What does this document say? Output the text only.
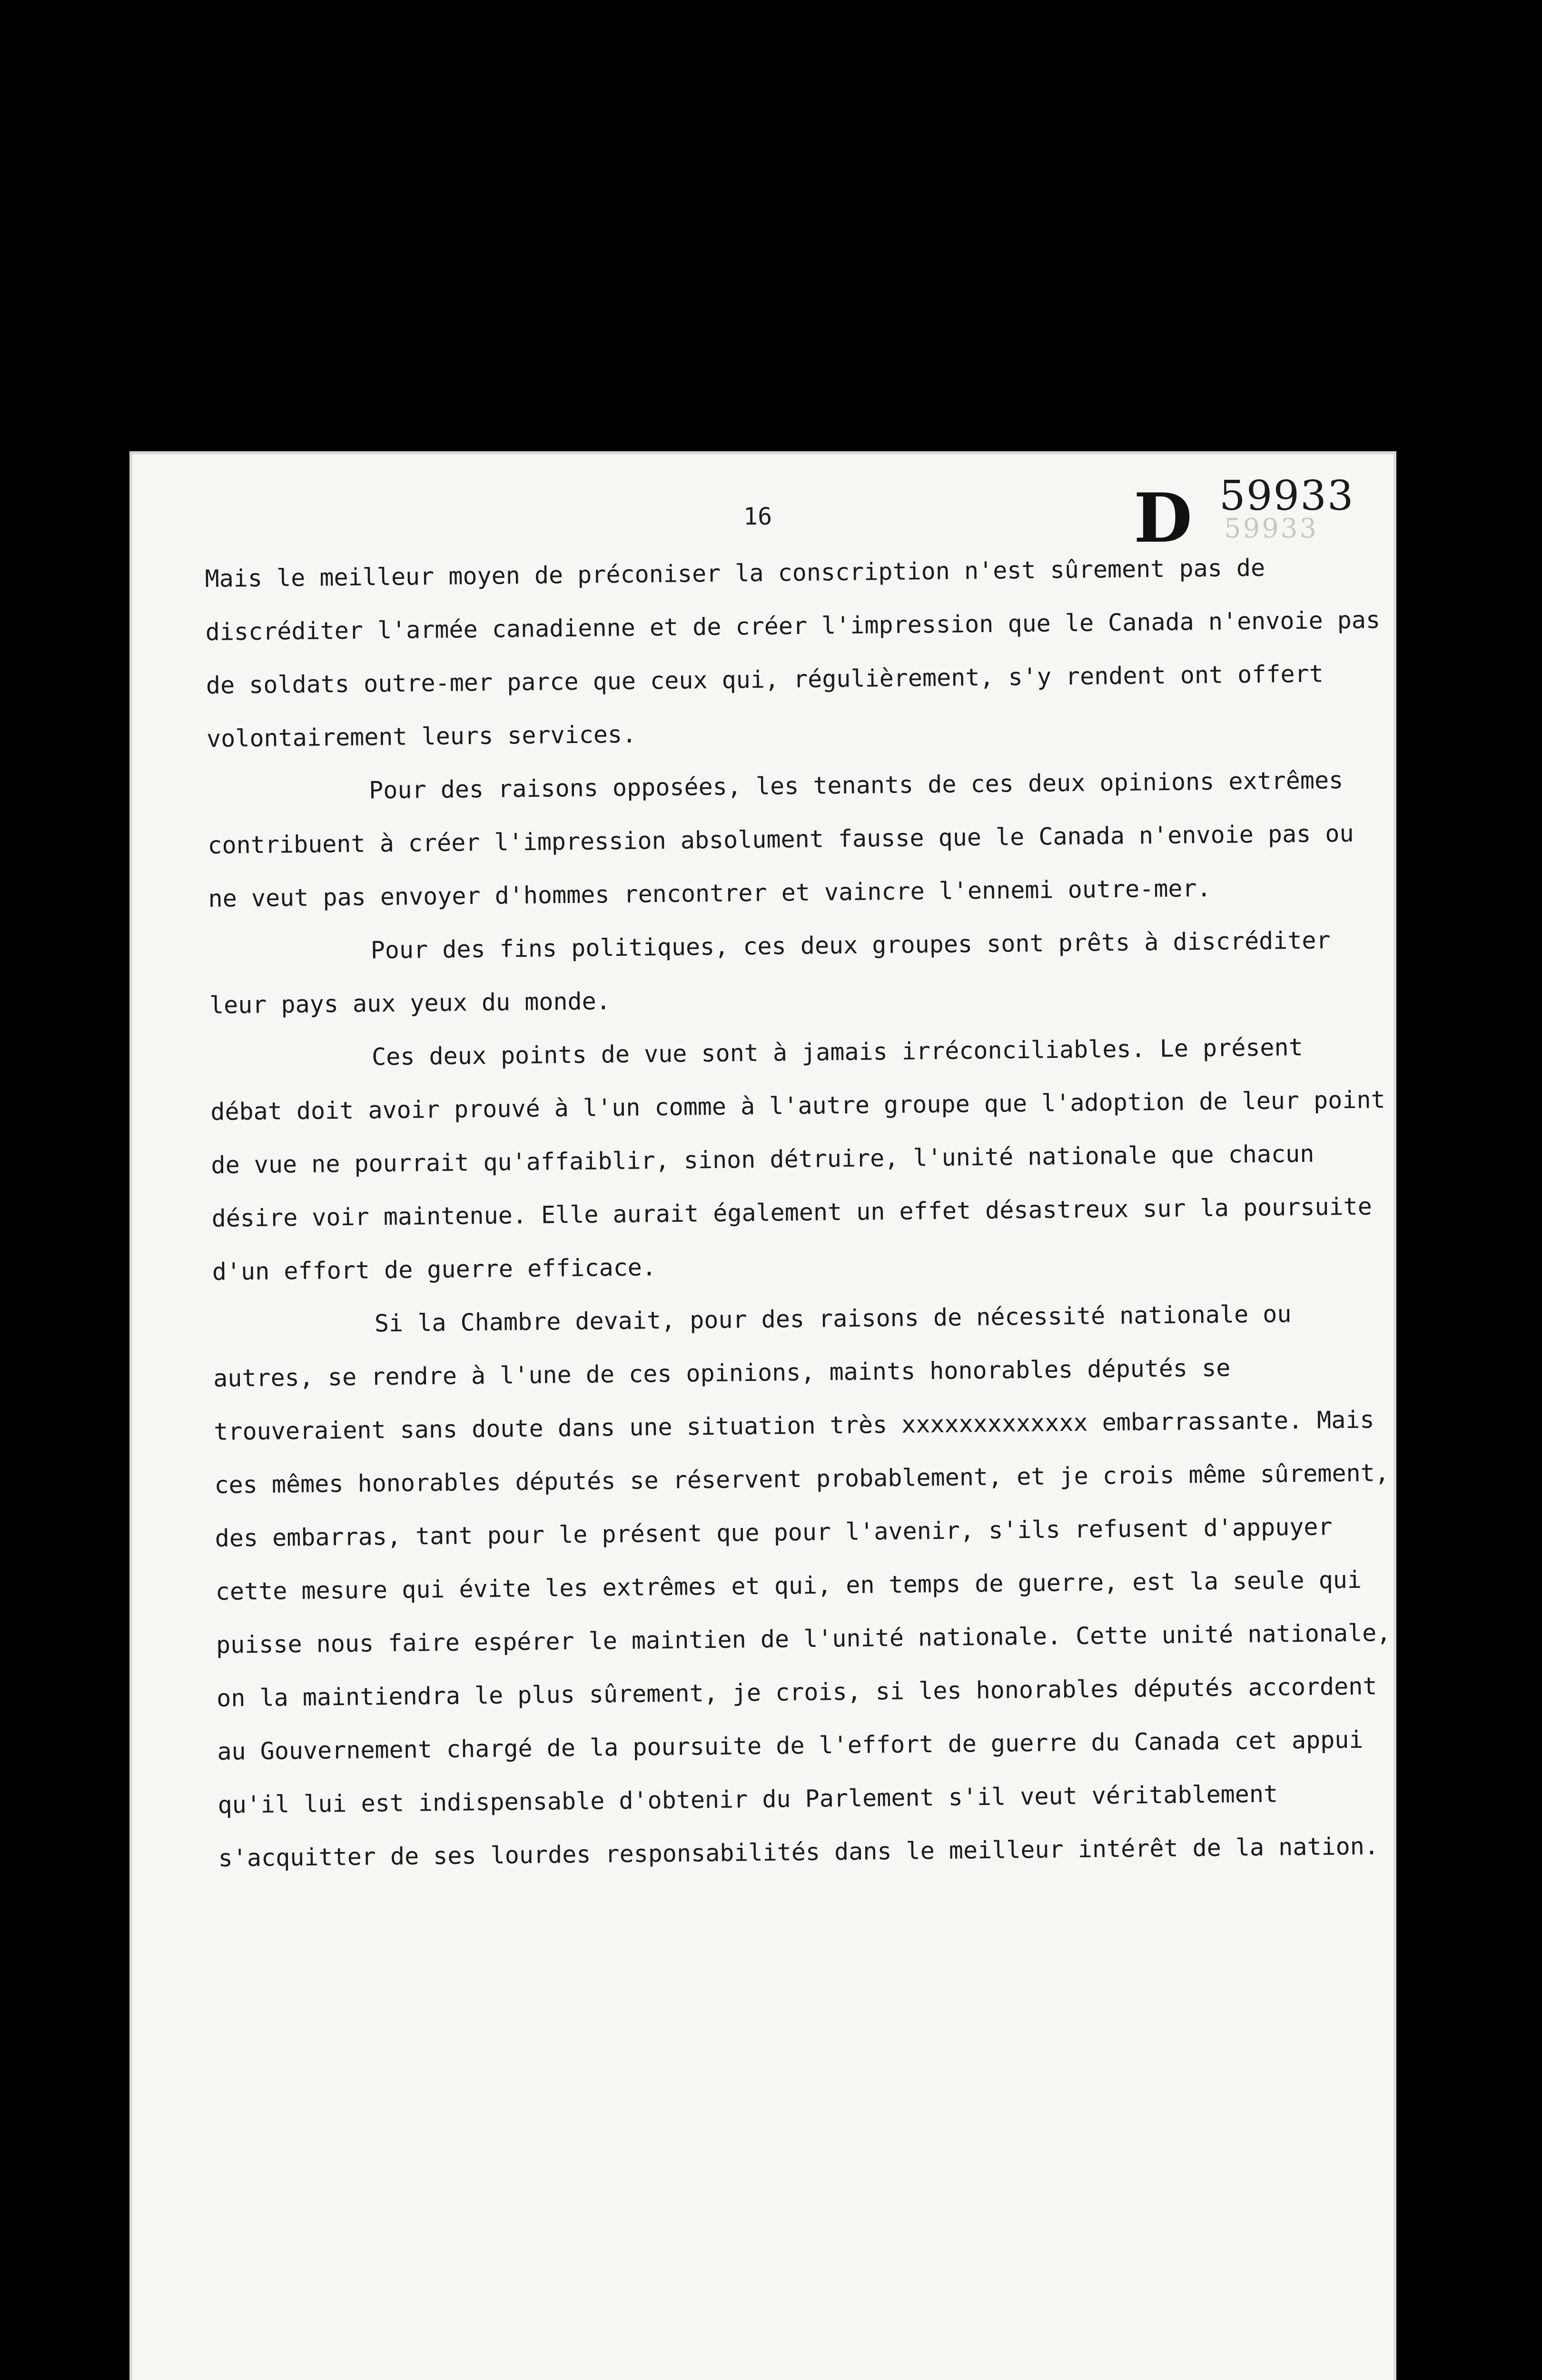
16	D 59933
59933

Mais le meilleur moyen de préconiser la conscription n'est sûrement pas de discréditer l'armée canadienne et de créer l'impression que le Canada n'envoie pas de soldats outre-mer parce que ceux qui, régulièrement, s'y rendent ont offert volontairement leurs services.

Pour des raisons opposées, les tenants de ces deux opinions extrêmes contribuent à créer l'impression absolument fausse que le Canada n'envoie pas ou ne veut pas envoyer d'hommes rencontrer et vaincre l'ennemi outre-mer.

Pour des fins politiques, ces deux groupes sont prêts à discréditer leur pays aux yeux du monde.

Ces deux points de vue sont à jamais irréconciliables. Le présent débat doit avoir prouvé à l'un comme à l'autre groupe que l'adoption de leur point de vue ne pourrait qu'affaiblir, sinon détruire, l'unité nationale que chacun désire voir maintenue. Elle aurait également un effet désastreux sur la poursuite d'un effort de guerre efficace.

Si la Chambre devait, pour des raisons de nécessité nationale ou autres, se rendre à l'une de ces opinions, maints honorables députés se trouveraient sans doute dans une situation très xxxxxxxxxxxxx embarrassante. Mais ces mêmes honorables députés se réservent probablement, et je crois même sûrement, des embarras, tant pour le présent que pour l'avenir, s'ils refusent d'appuyer cette mesure qui évite les extrêmes et qui, en temps de guerre, est la seule qui puisse nous faire espérer le maintien de l'unité nationale. Cette unité nationale, on la maintiendra le plus sûrement, je crois, si les honorables députés accordent au Gouvernement chargé de la poursuite de l'effort de guerre du Canada cet appui qu'il lui est indispensable d'obtenir du Parlement s'il veut véritablement s'acquitter de ses lourdes responsabilités dans le meilleur intérêt de la nation.
